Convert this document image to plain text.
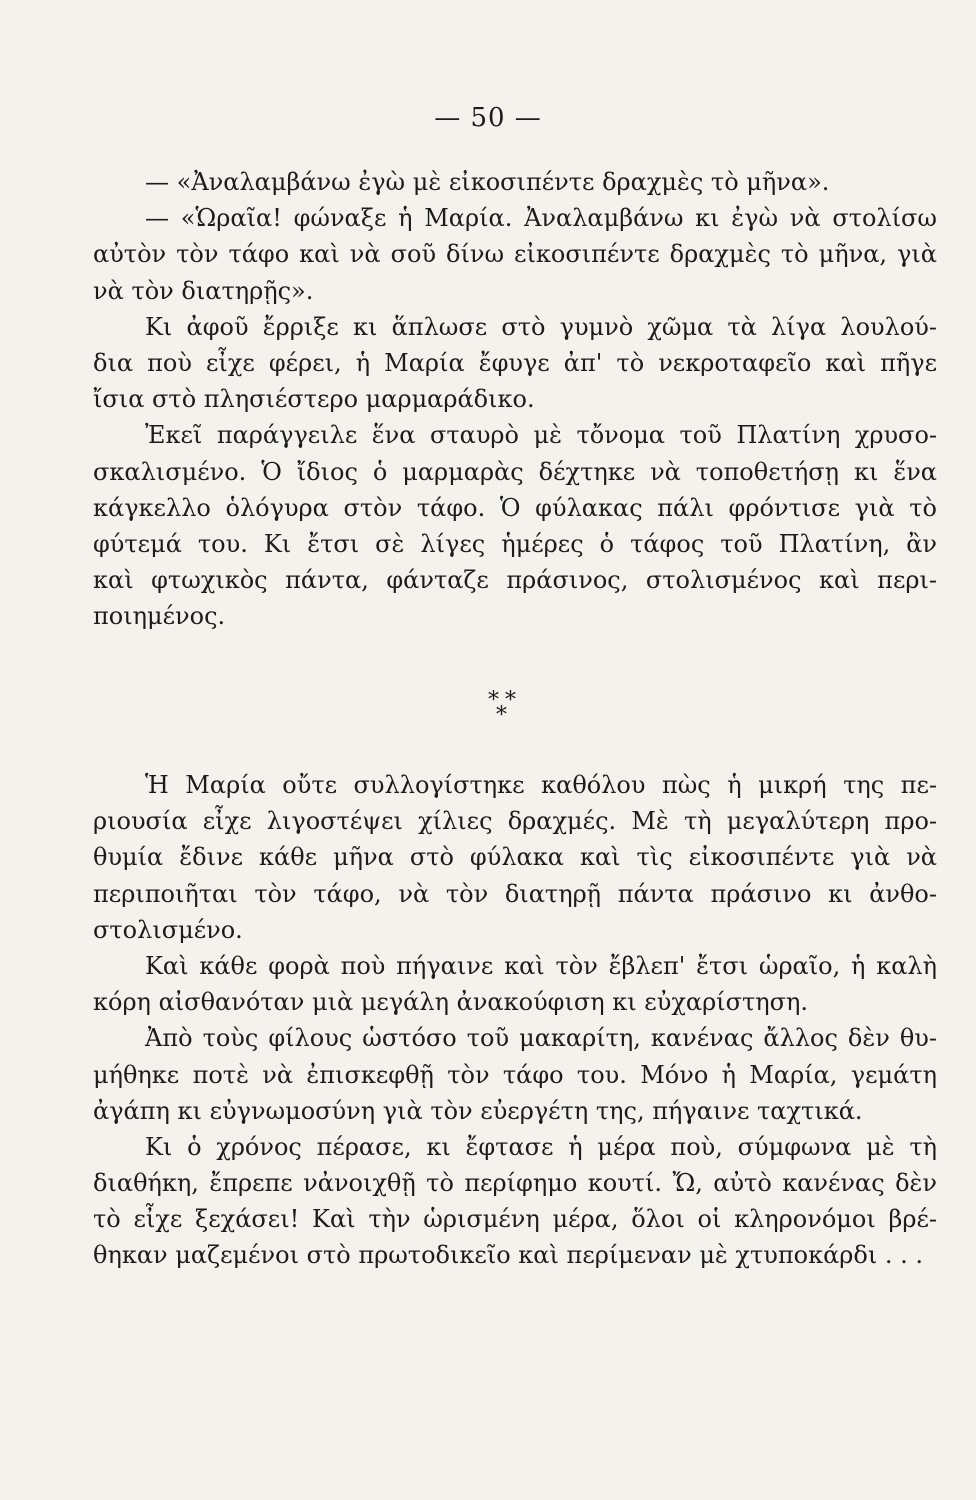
— 50 —
— «Ἀναλαμβάνω ἐγὼ μὲ εἰκοσιπέντε δραχμὲς τὸ μῆνα».
— «Ὡραῖα! φώναξε ἡ Μαρία. Ἀναλαμβάνω κι ἐγὼ νὰ στολίσω
αὐτὸν τὸν τάφο καὶ νὰ σοῦ δίνω εἰκοσιπέντε δραχμὲς τὸ μῆνα, γιὰ
νὰ τὸν διατηρῇς».
Κι ἀφοῦ ἔρριξε κι ἅπλωσε στὸ γυμνὸ χῶμα τὰ λίγα λουλού-
δια ποὺ εἶχε φέρει, ἡ Μαρία ἔφυγε ἀπ' τὸ νεκροταφεῖο καὶ πῆγε
ἴσια στὸ πλησιέστερο μαρμαράδικο.
Ἐκεῖ παράγγειλε ἕνα σταυρὸ μὲ τὄνομα τοῦ Πλατίνη χρυσο-
σκαλισμένο. Ὁ ἴδιος ὁ μαρμαρὰς δέχτηκε νὰ τοποθετήσῃ κι ἕνα
κάγκελλο ὁλόγυρα στὸν τάφο. Ὁ φύλακας πάλι φρόντισε γιὰ τὸ
φύτεμά του. Κι ἔτσι σὲ λίγες ἡμέρες ὁ τάφος τοῦ Πλατίνη, ἂν
καὶ φτωχικὸς πάντα, φάνταζε πράσινος, στολισμένος καὶ περι-
ποιημένος.
* *
*
Ἡ Μαρία οὔτε συλλογίστηκε καθόλου πὼς ἡ μικρή της πε-
ριουσία εἶχε λιγοστέψει χίλιες δραχμές. Μὲ τὴ μεγαλύτερη προ-
θυμία ἔδινε κάθε μῆνα στὸ φύλακα καὶ τὶς εἰκοσιπέντε γιὰ νὰ
περιποιῆται τὸν τάφο, νὰ τὸν διατηρῇ πάντα πράσινο κι ἀνθο-
στολισμένο.
Καὶ κάθε φορὰ ποὺ πήγαινε καὶ τὸν ἔβλεπ' ἔτσι ὡραῖο, ἡ καλὴ
κόρη αἰσθανόταν μιὰ μεγάλη ἀνακούφιση κι εὐχαρίστηση.
Ἀπὸ τοὺς φίλους ὡστόσο τοῦ μακαρίτη, κανένας ἄλλος δὲν θυ-
μήθηκε ποτὲ νὰ ἐπισκεφθῇ τὸν τάφο του. Μόνο ἡ Μαρία, γεμάτη
ἀγάπη κι εὐγνωμοσύνη γιὰ τὸν εὐεργέτη της, πήγαινε ταχτικά.
Κι ὁ χρόνος πέρασε, κι ἔφτασε ἡ μέρα ποὺ, σύμφωνα μὲ τὴ
διαθήκη, ἔπρεπε νἀνοιχθῇ τὸ περίφημο κουτί. Ὤ, αὐτὸ κανένας δὲν
τὸ εἶχε ξεχάσει! Καὶ τὴν ὡρισμένη μέρα, ὅλοι οἱ κληρονόμοι βρέ-
θηκαν μαζεμένοι στὸ πρωτοδικεῖο καὶ περίμεναν μὲ χτυποκάρδι . . .
